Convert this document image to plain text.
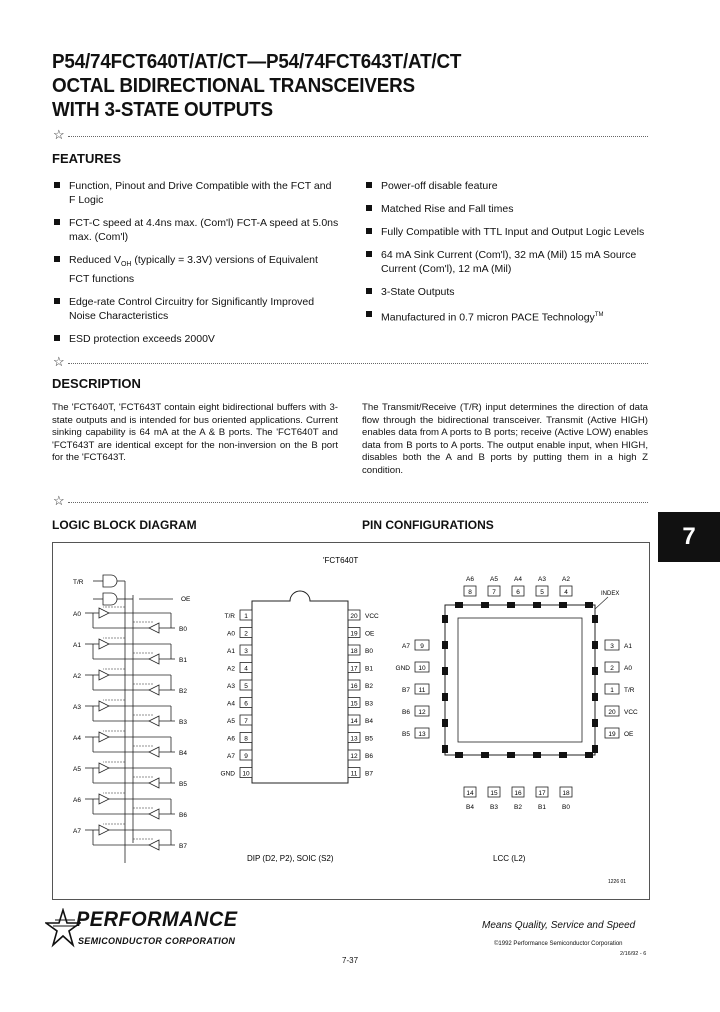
P54/74FCT640T/AT/CT—P54/74FCT643T/AT/CT
OCTAL BIDIRECTIONAL TRANSCEIVERS
WITH 3-STATE OUTPUTS
☆
FEATURES
Function, Pinout and Drive Compatible with the FCT and F Logic
FCT-C speed at 4.4ns max. (Com'l) FCT-A speed at 5.0ns max. (Com'l)
Reduced $V_{OH}$ (typically = 3.3V) versions of Equivalent FCT functions
Edge-rate Control Circuitry for Significantly Improved Noise Characteristics
ESD protection exceeds 2000V
Power-off disable feature
Matched Rise and Fall times
Fully Compatible with TTL Input and Output Logic Levels
64 mA Sink Current (Com'l), 32 mA (Mil) 15 mA Source Current (Com'l), 12 mA (Mil)
3-State Outputs
Manufactured in 0.7 micron PACE Technology™
☆
DESCRIPTION
The 'FCT640T, 'FCT643T contain eight bidirectional buffers with 3-state outputs and is intended for bus oriented applications. Current sinking capability is 64 mA at the A & B ports. The 'FCT640T and 'FCT643T are identical except for the non-inversion on the B port for the 'FCT643T.
The Transmit/Receive (T/R) input determines the direction of data flow through the bidirectional transceiver. Transmit (Active HIGH) enables data from A ports to B ports; receive (Active LOW) enables data from B ports to A ports. The output enable input, when HIGH, disables both the A and B ports by putting them in a high Z condition.
☆
LOGIC BLOCK DIAGRAM	PIN CONFIGURATIONS	7
'FCT640T
T/R
OE
A0
B0
A1
B1
A2
B2
A3
B3
A4
B4
A5
B5
A6
B6
A7
B7
T/R 1	20 VCC
A0 2	19 OE
A1 3	18 B0
A2 4	17 B1
A3 5	16 B2
A4 6	15 B3
A5 7	14 B4
A6 8	13 B5
A7 9	12 B6
GND 10	11 B7
DIP (D2, P2), SOIC (S2)
A6
8
14
B4
A7 9	3 A1
A5
7
15
B3
GND 10	2 A0
A4
6
16
B2
B7 11	1 T/R
A3
5
17
B1
B6 12	20 VCC
A2
4
18
B0
B5 13	19 OE
INDEX
LCC (L2)
1226 01
PERFORMANCE
SEMICONDUCTOR CORPORATION
Means Quality, Service and Speed
©1992 Performance Semiconductor Corporation
2/16/92 - 6
7-37
